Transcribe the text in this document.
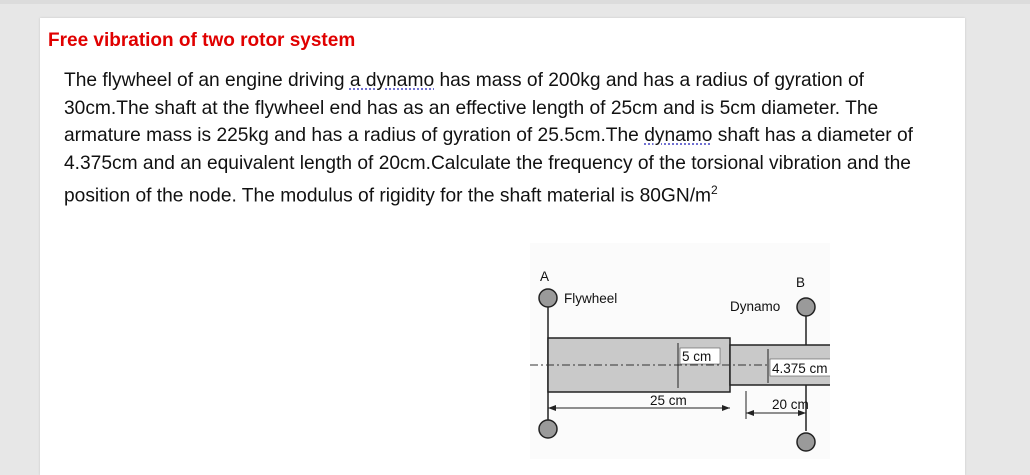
Free vibration of two rotor system
The flywheel of an engine driving a dynamo has mass of 200kg and has a radius of gyration of 30cm.The shaft at the flywheel end has as an effective length of 25cm and is 5cm diameter. The armature mass is 225kg and has a radius of gyration of 25.5cm.The dynamo shaft has a diameter of 4.375cm and an equivalent length of 20cm.Calculate the frequency of the torsional vibration and the position of the node. The modulus of rigidity for the shaft material is $80GN/m^2$
5 cm
4.375 cm
25 cm	20 cm
A	B
Flywheel
Dynamo
